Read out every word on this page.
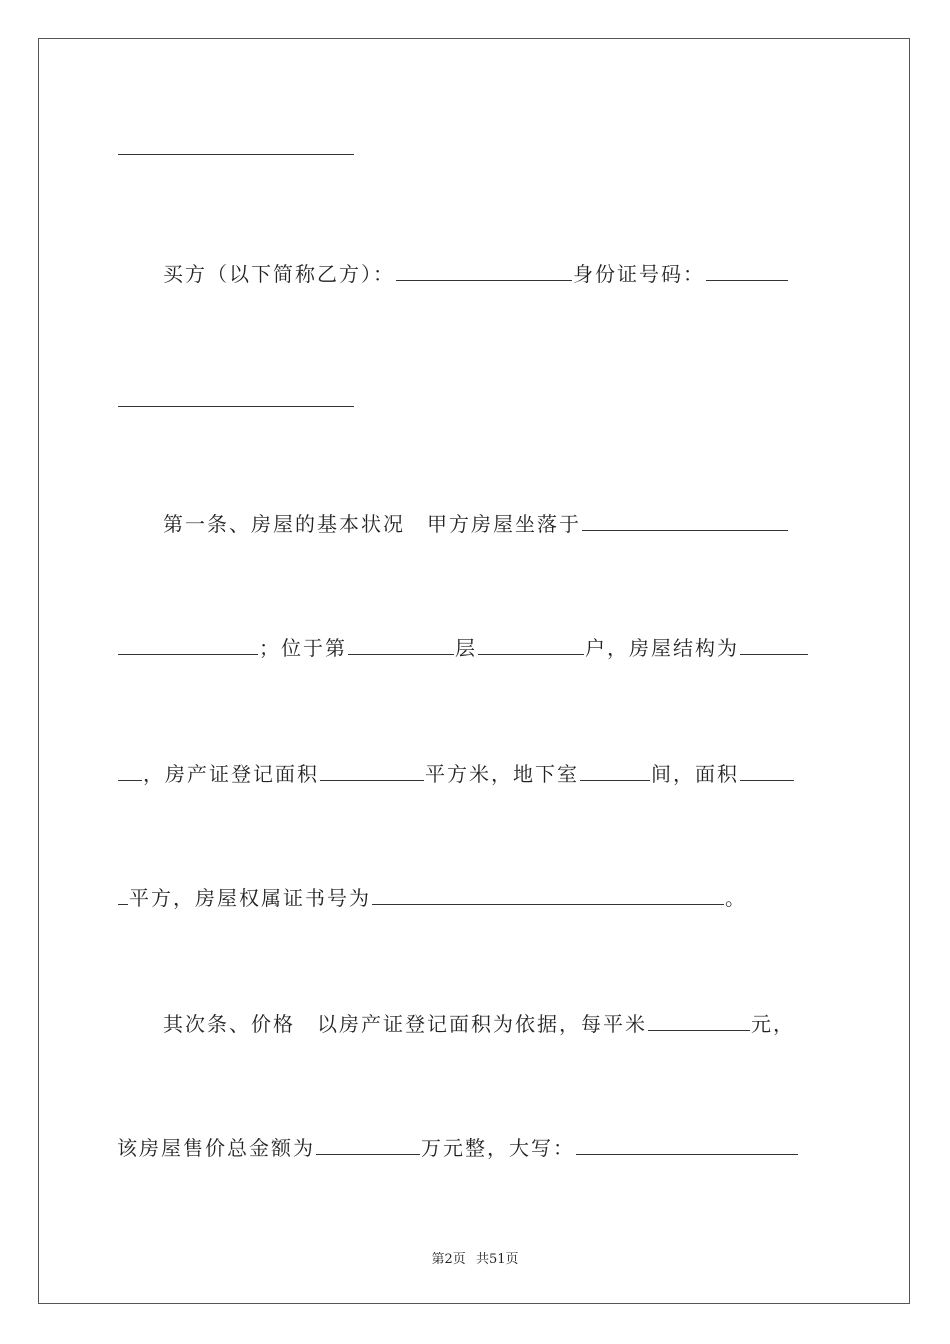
买方（以下简称乙方）：	身份证号码：
第一条、房屋的基本状况　甲方房屋坐落于
；位于第	层	户，房屋结构为
，房产证登记面积	平方米，地下室	间，面积
平方，房屋权属证书号为	。
其次条、价格　以房产证登记面积为依据，每平米	元，
该房屋售价总金额为	万元整，大写：
第2页 共51页
